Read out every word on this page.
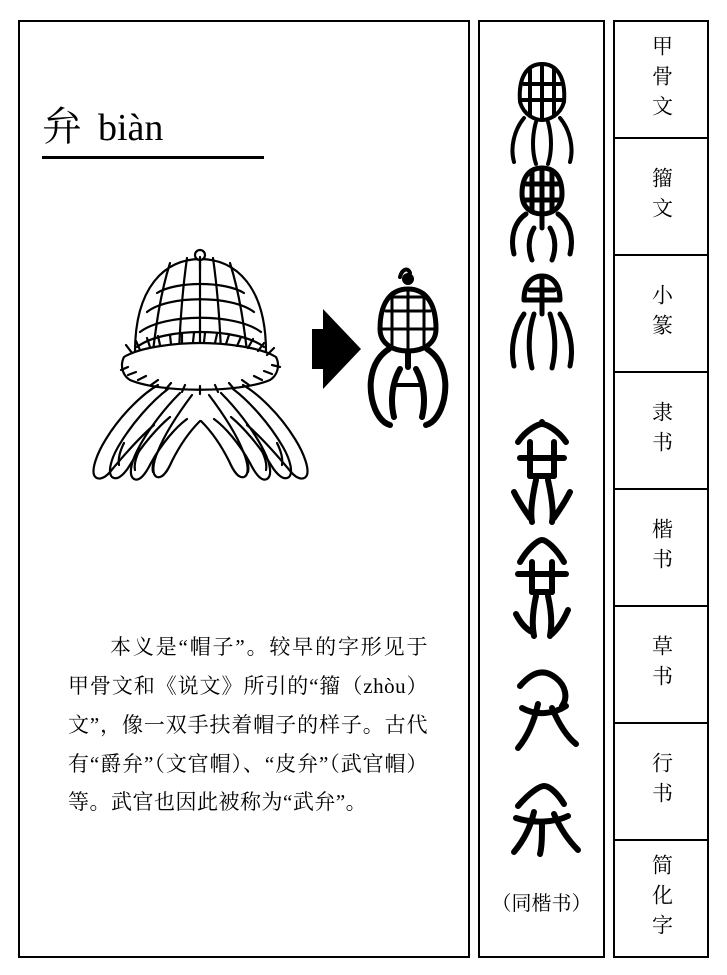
弁 biàn

本义是“帽子”。较早的字形见于甲骨文和《说文》所引的“籀（zhòu）文”，像一双手扶着帽子的样子。古代有“爵弁”（文官帽）、“皮弁”（武官帽）等。武官也因此被称为“武弁”。

（同楷书）
甲骨文
籀文
小篆
隶书
楷书
草书
行书
简化字
